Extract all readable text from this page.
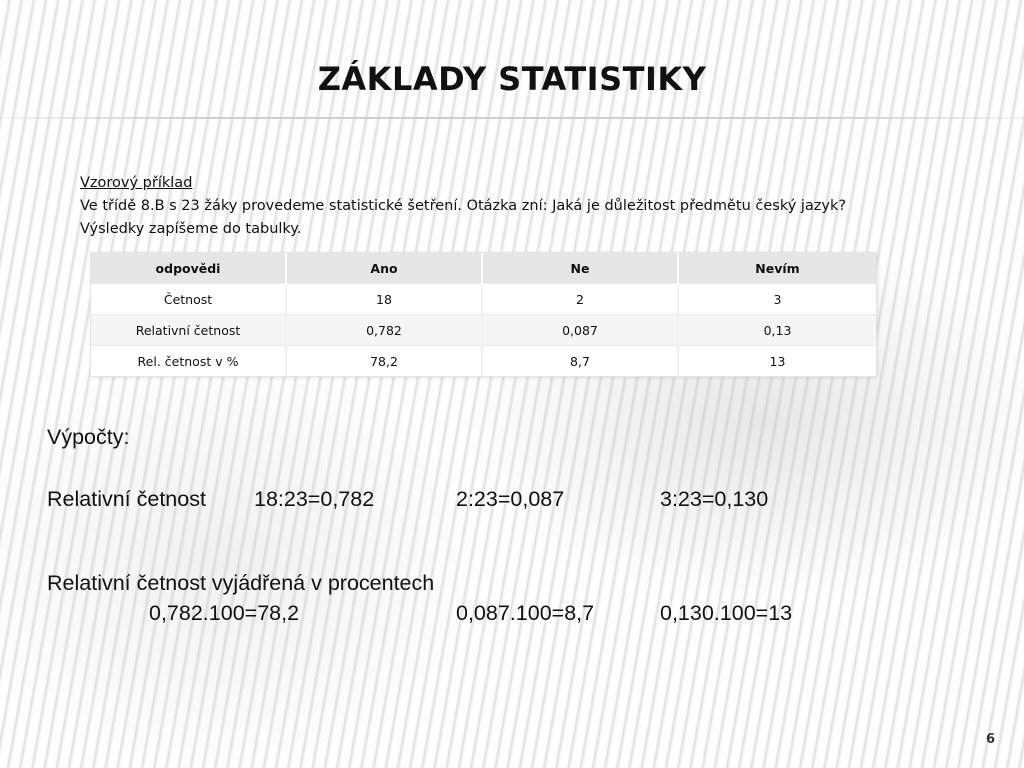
ZÁKLADY STATISTIKY
Vzorový příklad
Ve třídě 8.B s 23 žáky provedeme statistické šetření. Otázka zní: Jaká je důležitost předmětu český jazyk?
Výsledky zapíšeme do tabulky.
odpovědi	Ano	Ne	Nevím
Četnost	18	2	3
Relativní četnost	0,782	0,087	0,13
Rel. četnost v %	78,2	8,7	13
Výpočty:
Relativní četnost 18:23=0,782	2:23=0,087	3:23=0,130
Relativní četnost vyjádřená v procentech
0,782.100=78,2	0,087.100=8,7	0,130.100=13
6
